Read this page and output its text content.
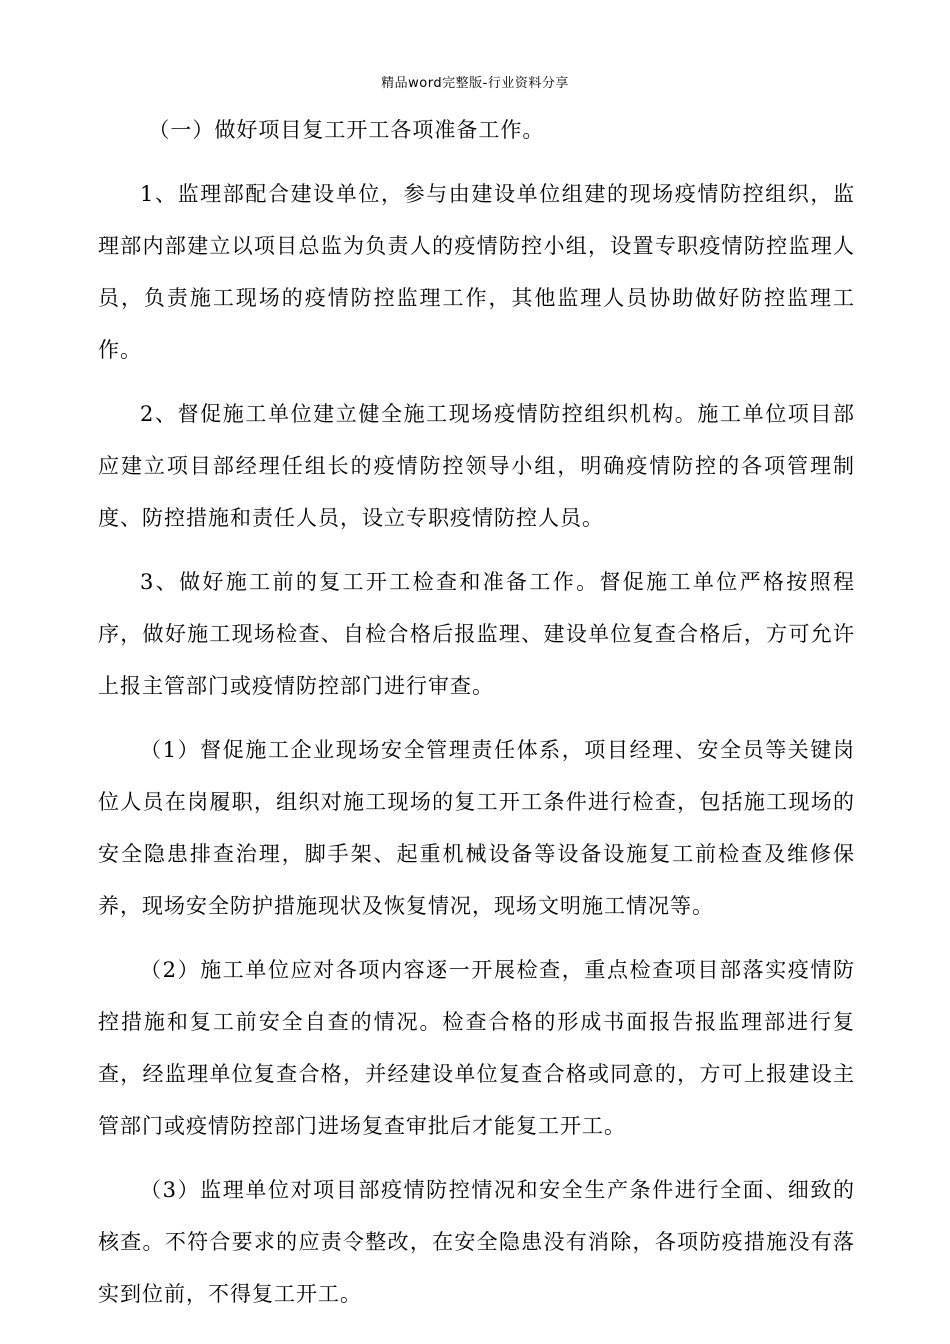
精品word完整版-行业资料分享

（一）做好项目复工开工各项准备工作。

1、监理部配合建设单位，参与由建设单位组建的现场疫情防控组织，监理部内部建立以项目总监为负责人的疫情防控小组，设置专职疫情防控监理人员，负责施工现场的疫情防控监理工作，其他监理人员协助做好防控监理工作。

2、督促施工单位建立健全施工现场疫情防控组织机构。施工单位项目部应建立项目部经理任组长的疫情防控领导小组，明确疫情防控的各项管理制度、防控措施和责任人员，设立专职疫情防控人员。

3、做好施工前的复工开工检查和准备工作。督促施工单位严格按照程序，做好施工现场检查、自检合格后报监理、建设单位复查合格后，方可允许上报主管部门或疫情防控部门进行审查。

（1）督促施工企业现场安全管理责任体系，项目经理、安全员等关键岗位人员在岗履职，组织对施工现场的复工开工条件进行检查，包括施工现场的安全隐患排查治理，脚手架、起重机械设备等设备设施复工前检查及维修保养，现场安全防护措施现状及恢复情况，现场文明施工情况等。

（2）施工单位应对各项内容逐一开展检查，重点检查项目部落实疫情防控措施和复工前安全自查的情况。检查合格的形成书面报告报监理部进行复查，经监理单位复查合格，并经建设单位复查合格或同意的，方可上报建设主管部门或疫情防控部门进场复查审批后才能复工开工。

（3）监理单位对项目部疫情防控情况和安全生产条件进行全面、细致的核查。不符合要求的应责令整改，在安全隐患没有消除，各项防疫措施没有落实到位前，不得复工开工。
